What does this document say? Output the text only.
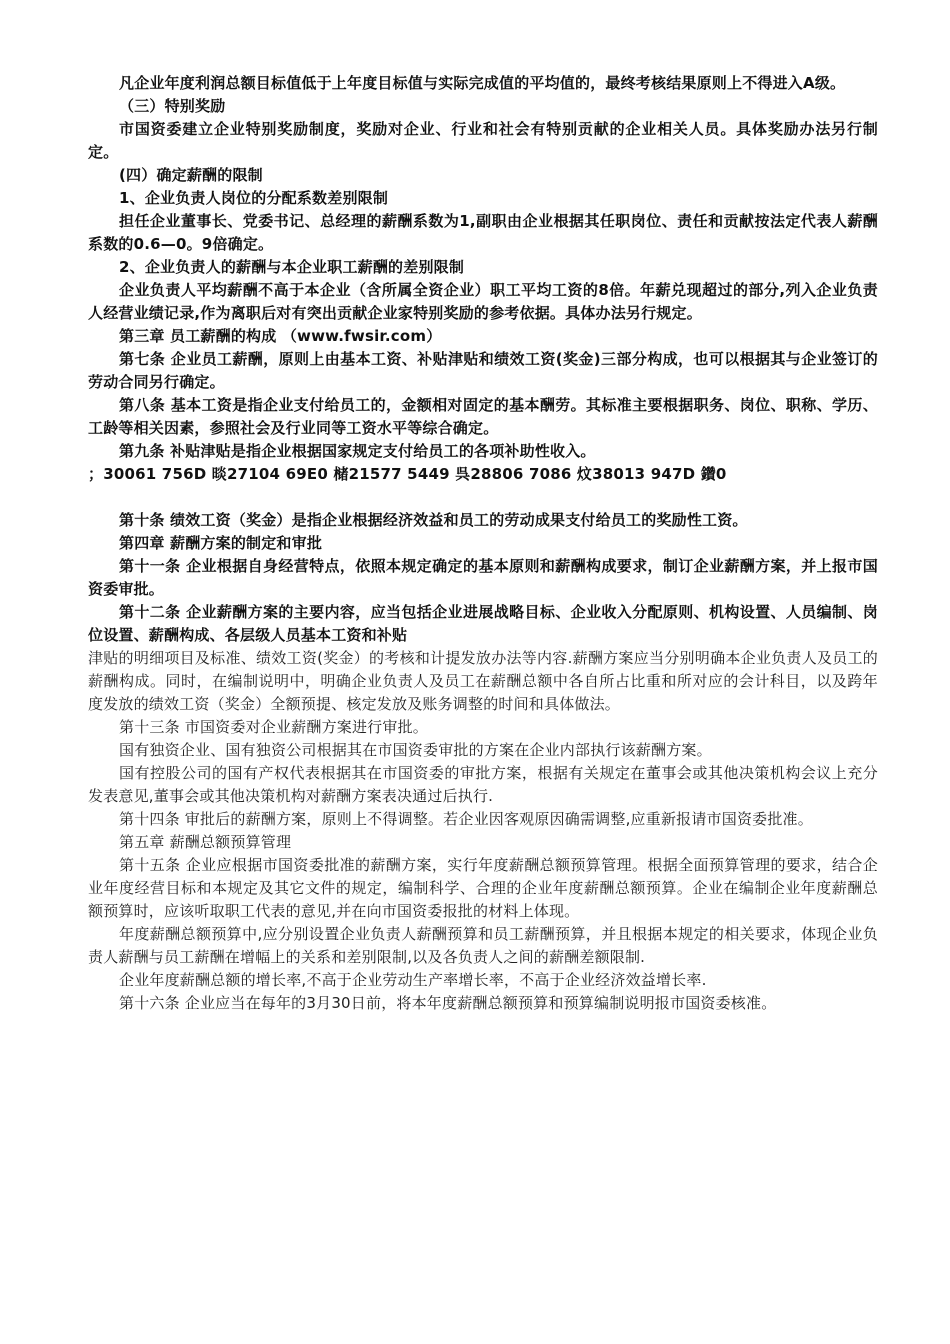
凡企业年度利润总额目标值低于上年度目标值与实际完成值的平均值的，最终考核结果原则上不得进入A级。

（三）特别奖励

市国资委建立企业特别奖励制度，奖励对企业、行业和社会有特别贡献的企业相关人员。具体奖励办法另行制定。

(四）确定薪酬的限制

1、企业负责人岗位的分配系数差别限制

担任企业董事长、党委书记、总经理的薪酬系数为1,副职由企业根据其任职岗位、责任和贡献按法定代表人薪酬系数的0.6—0。9倍确定。

2、企业负责人的薪酬与本企业职工薪酬的差别限制

企业负责人平均薪酬不高于本企业（含所属全资企业）职工平均工资的8倍。年薪兑现超过的部分,列入企业负责人经营业绩记录,作为离职后对有突出贡献企业家特别奖励的参考依据。具体办法另行规定。

第三章 员工薪酬的构成 （www.fwsir.com）

第七条 企业员工薪酬，原则上由基本工资、补贴津贴和绩效工资(奖金)三部分构成，也可以根据其与企业签订的劳动合同另行确定。

第八条 基本工资是指企业支付给员工的，金额相对固定的基本酬劳。其标准主要根据职务、岗位、职称、学历、工龄等相关因素，参照社会及行业同等工资水平等综合确定。

第九条 补贴津贴是指企业根据国家规定支付给员工的各项补助性收入。

；30061 756D 晱27104 69E0 槠21577 5449 呉28806 7086 炆38013 947D 鑽0

第十条 绩效工资（奖金）是指企业根据经济效益和员工的劳动成果支付给员工的奖励性工资。

第四章 薪酬方案的制定和审批

第十一条 企业根据自身经营特点，依照本规定确定的基本原则和薪酬构成要求，制订企业薪酬方案，并上报市国资委审批。

第十二条 企业薪酬方案的主要内容，应当包括企业进展战略目标、企业收入分配原则、机构设置、人员编制、岗位设置、薪酬构成、各层级人员基本工资和补贴

津贴的明细项目及标准、绩效工资(奖金）的考核和计提发放办法等内容.薪酬方案应当分别明确本企业负责人及员工的薪酬构成。同时，在编制说明中，明确企业负责人及员工在薪酬总额中各自所占比重和所对应的会计科目，以及跨年度发放的绩效工资（奖金）全额预提、核定发放及账务调整的时间和具体做法。

第十三条 市国资委对企业薪酬方案进行审批。

国有独资企业、国有独资公司根据其在市国资委审批的方案在企业内部执行该薪酬方案。

国有控股公司的国有产权代表根据其在市国资委的审批方案，根据有关规定在董事会或其他决策机构会议上充分发表意见,董事会或其他决策机构对薪酬方案表决通过后执行.

第十四条 审批后的薪酬方案，原则上不得调整。若企业因客观原因确需调整,应重新报请市国资委批准。

第五章 薪酬总额预算管理

第十五条 企业应根据市国资委批准的薪酬方案，实行年度薪酬总额预算管理。根据全面预算管理的要求，结合企业年度经营目标和本规定及其它文件的规定，编制科学、合理的企业年度薪酬总额预算。企业在编制企业年度薪酬总额预算时，应该听取职工代表的意见,并在向市国资委报批的材料上体现。

年度薪酬总额预算中,应分别设置企业负责人薪酬预算和员工薪酬预算，并且根据本规定的相关要求，体现企业负责人薪酬与员工薪酬在增幅上的关系和差别限制,以及各负责人之间的薪酬差额限制.

企业年度薪酬总额的增长率,不高于企业劳动生产率增长率，不高于企业经济效益增长率.

第十六条 企业应当在每年的3月30日前，将本年度薪酬总额预算和预算编制说明报市国资委核准。
